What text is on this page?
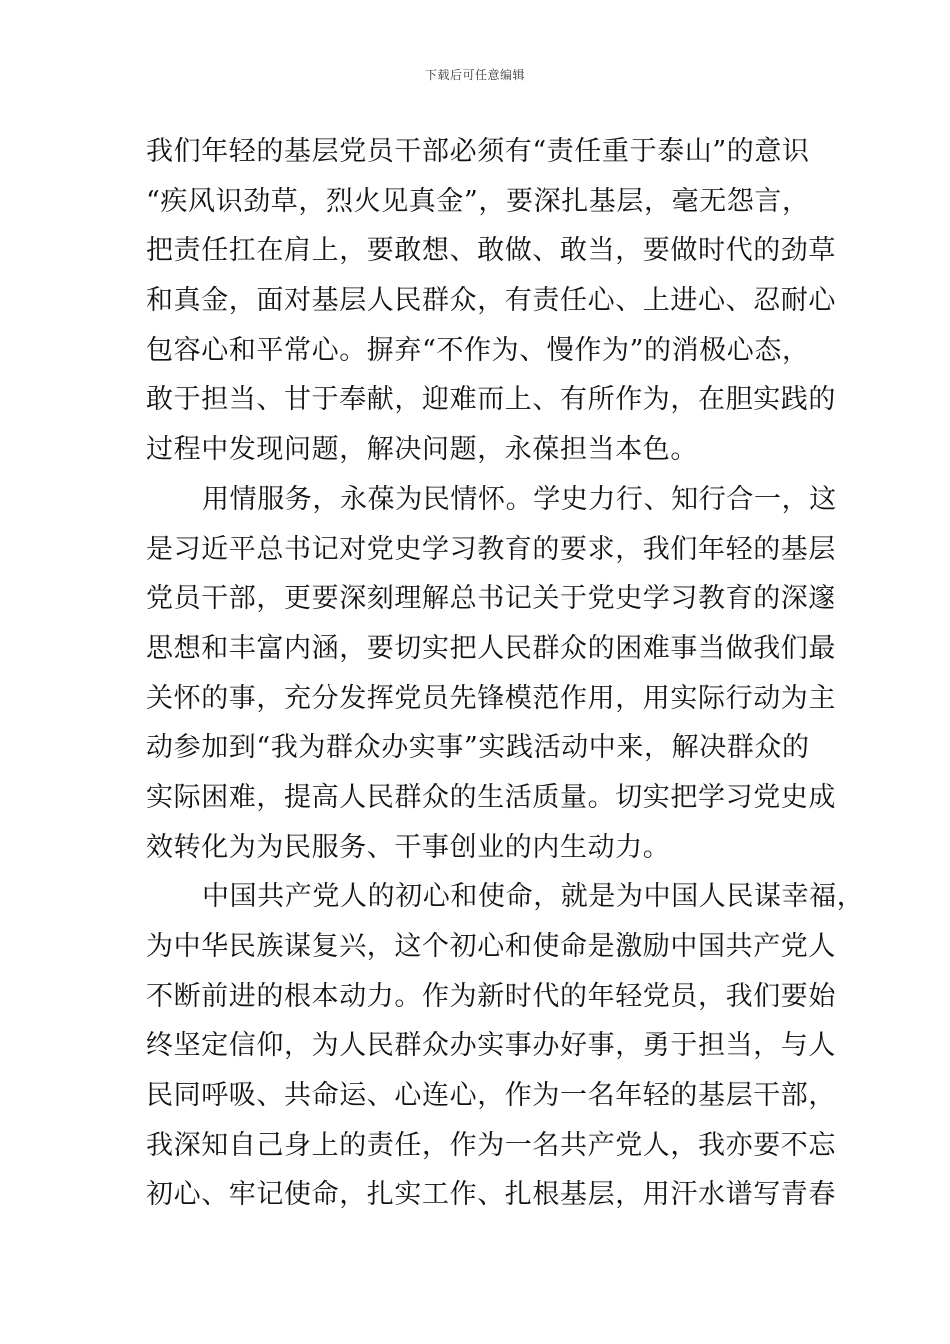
下载后可任意编辑
我们年轻的基层党员干部必须有“责任重于泰山”的意识
“疾风识劲草，烈火见真金”，要深扎基层，毫无怨言，
把责任扛在肩上，要敢想、敢做、敢当，要做时代的劲草
和真金，面对基层人民群众，有责任心、上进心、忍耐心
包容心和平常心。摒弃“不作为、慢作为”的消极心态，
敢于担当、甘于奉献，迎难而上、有所作为，在胆实践的
过程中发现问题，解决问题，永葆担当本色。
用情服务，永葆为民情怀。学史力行、知行合一，这
是习近平总书记对党史学习教育的要求，我们年轻的基层
党员干部，更要深刻理解总书记关于党史学习教育的深邃
思想和丰富内涵，要切实把人民群众的困难事当做我们最
关怀的事，充分发挥党员先锋模范作用，用实际行动为主
动参加到“我为群众办实事”实践活动中来，解决群众的
实际困难，提高人民群众的生活质量。切实把学习党史成
效转化为为民服务、干事创业的内生动力。
中国共产党人的初心和使命，就是为中国人民谋幸福，
为中华民族谋复兴，这个初心和使命是激励中国共产党人
不断前进的根本动力。作为新时代的年轻党员，我们要始
终坚定信仰，为人民群众办实事办好事，勇于担当，与人
民同呼吸、共命运、心连心，作为一名年轻的基层干部，
我深知自己身上的责任，作为一名共产党人，我亦要不忘
初心、牢记使命，扎实工作、扎根基层，用汗水谱写青春
